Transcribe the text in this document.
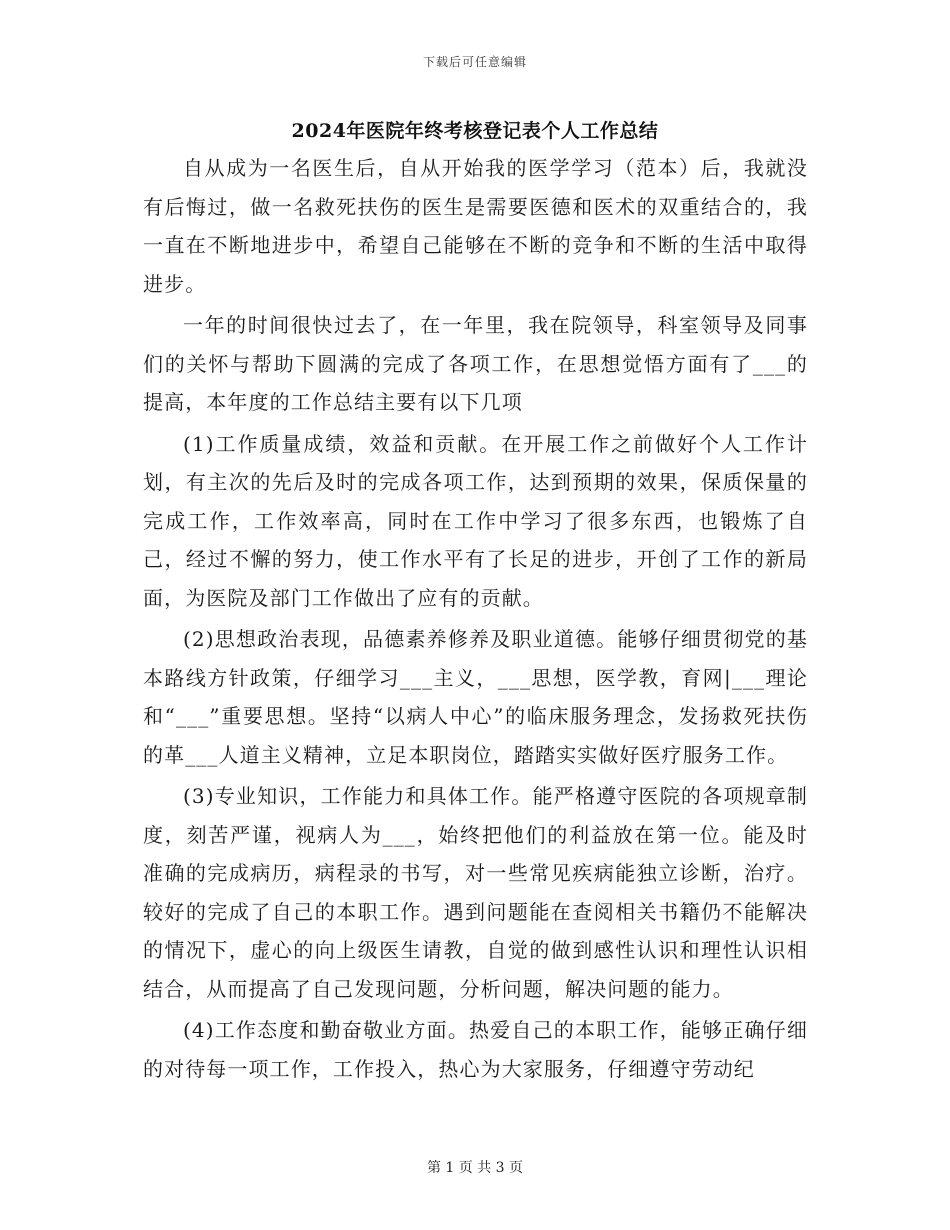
下载后可任意编辑
2024年医院年终考核登记表个人工作总结

自从成为一名医生后，自从开始我的医学学习（范本）后，我就没有后悔过，做一名救死扶伤的医生是需要医德和医术的双重结合的，我一直在不断地进步中，希望自己能够在不断的竞争和不断的生活中取得进步。

一年的时间很快过去了，在一年里，我在院领导，科室领导及同事们的关怀与帮助下圆满的完成了各项工作，在思想觉悟方面有了___的提高，本年度的工作总结主要有以下几项

(1)工作质量成绩，效益和贡献。在开展工作之前做好个人工作计划，有主次的先后及时的完成各项工作，达到预期的效果，保质保量的完成工作，工作效率高，同时在工作中学习了很多东西，也锻炼了自己，经过不懈的努力，使工作水平有了长足的进步，开创了工作的新局面，为医院及部门工作做出了应有的贡献。

(2)思想政治表现，品德素养修养及职业道德。能够仔细贯彻党的基本路线方针政策，仔细学习___主义，___思想，医学教，育网|___理论和“___”重要思想。坚持“以病人中心”的临床服务理念，发扬救死扶伤的革___人道主义精神，立足本职岗位，踏踏实实做好医疗服务工作。

(3)专业知识，工作能力和具体工作。能严格遵守医院的各项规章制度，刻苦严谨，视病人为___，始终把他们的利益放在第一位。能及时准确的完成病历，病程录的书写，对一些常见疾病能独立诊断，治疗。较好的完成了自己的本职工作。遇到问题能在查阅相关书籍仍不能解决的情况下，虚心的向上级医生请教，自觉的做到感性认识和理性认识相结合，从而提高了自己发现问题，分析问题，解决问题的能力。

(4)工作态度和勤奋敬业方面。热爱自己的本职工作，能够正确仔细的对待每一项工作，工作投入，热心为大家服务，仔细遵守劳动纪

第 1 页 共 3 页
